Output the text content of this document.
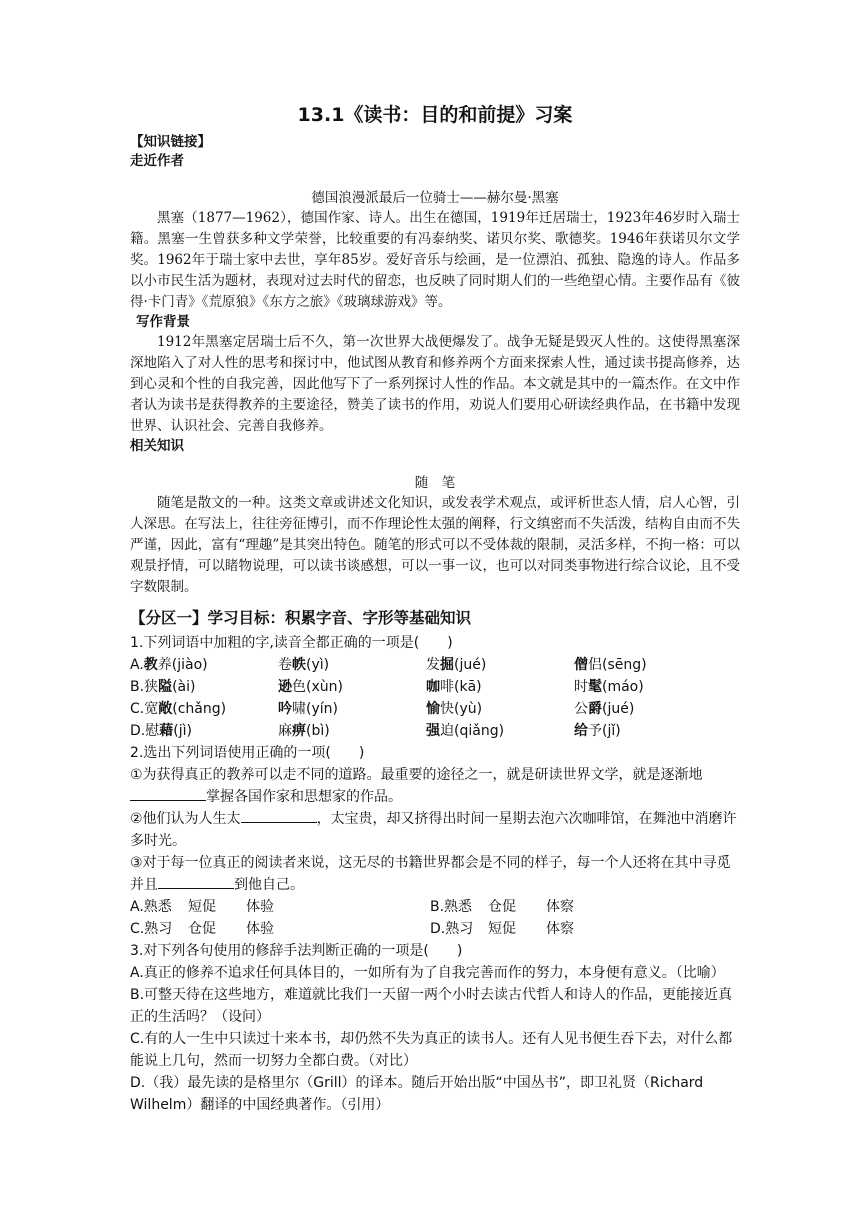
13.1《读书：目的和前提》习案
【知识链接】
走近作者
德国浪漫派最后一位骑士——赫尔曼·黑塞

黑塞（1877—1962），德国作家、诗人。出生在德国，1919年迁居瑞士，1923年46岁时入瑞士籍。黑塞一生曾获多种文学荣誉，比较重要的有冯泰纳奖、诺贝尔奖、歌德奖。1946年获诺贝尔文学奖。1962年于瑞士家中去世，享年85岁。爱好音乐与绘画，是一位漂泊、孤独、隐逸的诗人。作品多以小市民生活为题材，表现对过去时代的留恋，也反映了同时期人们的一些绝望心情。主要作品有《彼得·卡门青》《荒原狼》《东方之旅》《玻璃球游戏》等。

写作背景

1912年黑塞定居瑞士后不久，第一次世界大战便爆发了。战争无疑是毁灭人性的。这使得黑塞深深地陷入了对人性的思考和探讨中，他试图从教育和修养两个方面来探索人性，通过读书提高修养，达到心灵和个性的自我完善，因此他写下了一系列探讨人性的作品。本文就是其中的一篇杰作。在文中作者认为读书是获得教养的主要途径，赞美了读书的作用，劝说人们要用心研读经典作品，在书籍中发现世界、认识社会、完善自我修养。

相关知识
随　笔

随笔是散文的一种。这类文章或讲述文化知识，或发表学术观点，或评析世态人情，启人心智，引人深思。在写法上，往往旁征博引，而不作理论性太强的阐释，行文缜密而不失活泼，结构自由而不失严谨，因此，富有“理趣”是其突出特色。随笔的形式可以不受体裁的限制，灵活多样，不拘一格：可以观景抒情，可以睹物说理，可以读书谈感想，可以一事一议，也可以对同类事物进行综合议论，且不受字数限制。

【分区一】学习目标：积累字音、字形等基础知识

1.下列词语中加粗的字,读音全都正确的一项是(　　)

A.教养(jiào)	卷帙(yì)	发掘(jué)	僧侣(sēng)
B.狭隘(ài)	逊色(xùn)	咖啡(kā)	时髦(máo)
C.宽敞(chǎng)	吟啸(yín)	愉快(yù)	公爵(jué)
D.慰藉(jì)	麻痹(bì)	强迫(qiǎng)	给予(jǐ)

2.选出下列词语使用正确的一项(　　)

①为获得真正的教养可以走不同的道路。最重要的途径之一，就是研读世界文学，就是逐渐地掌握各国作家和思想家的作品。

②他们认为人生太	，太宝贵，却又挤得出时间一星期去泡六次咖啡馆，在舞池中消磨许多时光。

③对于每一位真正的阅读者来说，这无尽的书籍世界都会是不同的样子，每一个人还将在其中寻觅并且	到他自己。

A.熟悉 短促 体验	B.熟悉 仓促 体察
C.熟习 仓促 体验	D.熟习 短促 体察

3.对下列各句使用的修辞手法判断正确的一项是(　　)

A.真正的修养不追求任何具体目的，一如所有为了自我完善而作的努力，本身便有意义。（比喻）

B.可整天待在这些地方，难道就比我们一天留一两个小时去读古代哲人和诗人的作品，更能接近真正的生活吗？（设问）

C.有的人一生中只读过十来本书，却仍然不失为真正的读书人。还有人见书便生吞下去，对什么都能说上几句，然而一切努力全都白费。（对比）

D.（我）最先读的是格里尔（Grill）的译本。随后开始出版“中国丛书”，即卫礼贤（Richard Wilhelm）翻译的中国经典著作。（引用）
